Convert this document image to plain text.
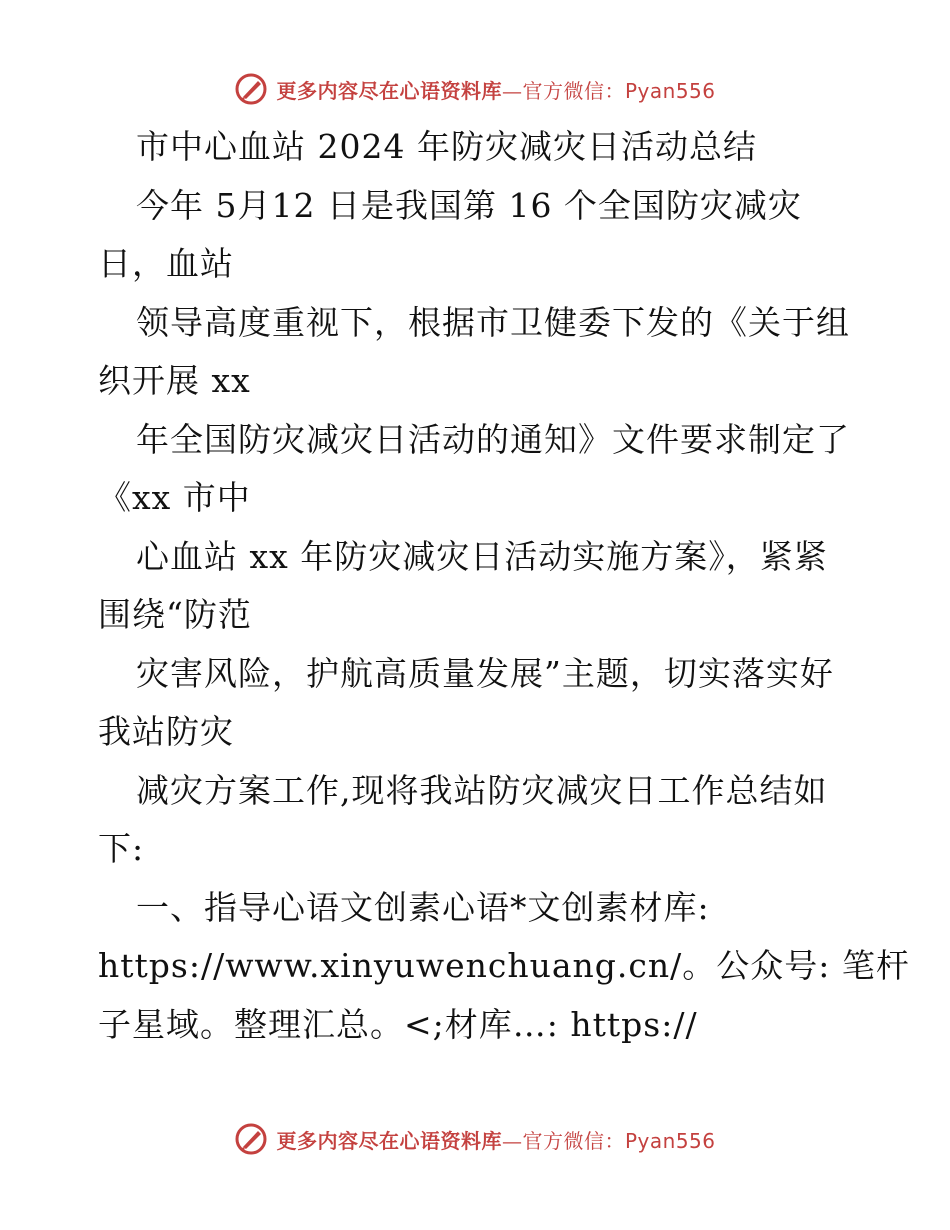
更多内容尽在心语资料库—官方微信：Pyan556
市中心血站 2024 年防灾减灾日活动总结
今年 5月12 日是我国第 16 个全国防灾减灾
日，血站
领导高度重视下，根据市卫健委下发的《关于组
织开展 xx
年全国防灾减灾日活动的通知》文件要求制定了
《xx 市中
心血站 xx 年防灾减灾日活动实施方案》，紧紧
围绕“防范
灾害风险，护航高质量发展”主题，切实落实好
我站防灾
减灾方案工作,现将我站防灾减灾日工作总结如
下:
一、指导心语文创素心语*文创素材库:
https://www.xinyuwenchuang.cn/。公众号: 笔杆
子星域。整理汇总。<;材库…: https://
更多内容尽在心语资料库—官方微信：Pyan556
